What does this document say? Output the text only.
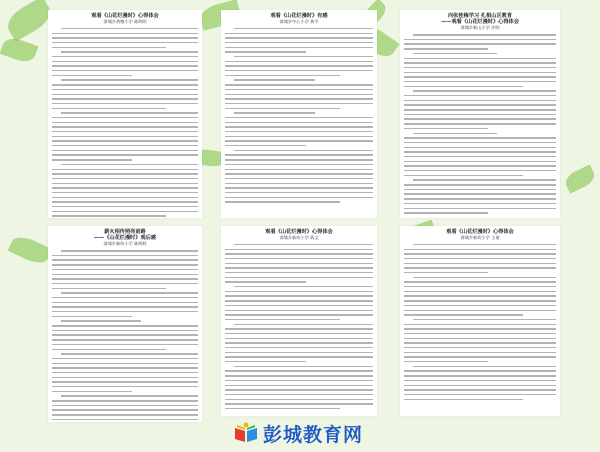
观看《山花烂漫时》心得体会
漳埔乡黄塘小学 陈辉明
观看《山花烂漫时》有感
漳埔乡中心小学 黄平
向张桂梅学习 扎根山区教育
——观看《山花烂漫时》心得体会
漳埔乡新山小学 许明
薪火相传照亮前路
——《山花烂漫时》观后感
漳埔乡新幼小学 陈明辉
观看《山花烂漫时》心得体会
漳埔乡新幼小学 蒋文
观看《山花烂漫时》心得体会
漳埔乡新幼小学 王倩
彭城教育网
